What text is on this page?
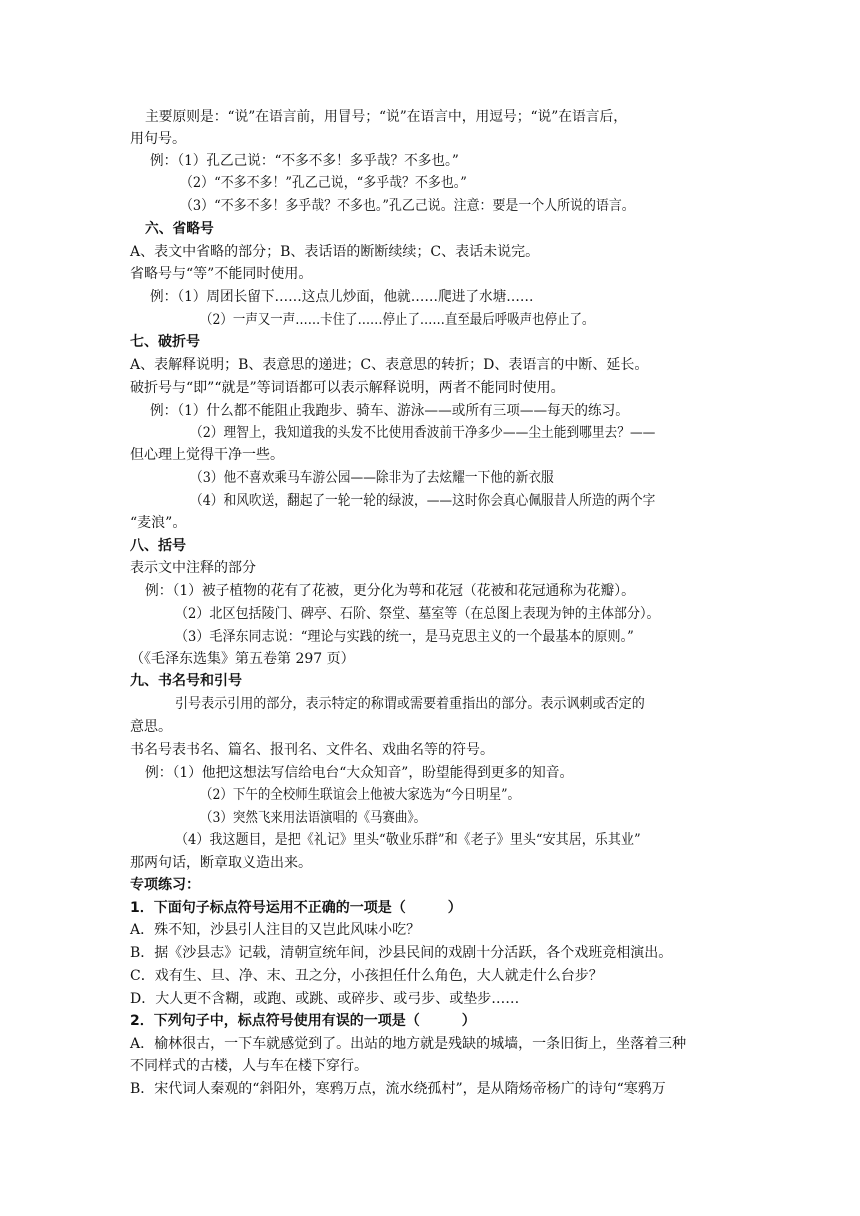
主要原则是：“说”在语言前，用冒号；“说”在语言中，用逗号；“说”在语言后，
用句号。
例：（1）孔乙己说：“不多不多！多乎哉？不多也。”
（2）“不多不多！”孔乙己说，“多乎哉？不多也。”
（3）“不多不多！多乎哉？不多也。”孔乙己说。注意：要是一个人所说的语言。
六、省略号
A、表文中省略的部分；B、表话语的断断续续；C、表话未说完。
省略号与“等”不能同时使用。
例：（1）周团长留下……这点儿炒面，他就……爬进了水塘……
（2）一声又一声……卡住了……停止了……直至最后呼吸声也停止了。
七、破折号
A、表解释说明；B、表意思的递进；C、表意思的转折；D、表语言的中断、延长。
破折号与“即”“就是”等词语都可以表示解释说明，两者不能同时使用。
例：（1）什么都不能阻止我跑步、骑车、游泳——或所有三项——每天的练习。
（2）理智上，我知道我的头发不比使用香波前干净多少——尘土能到哪里去？——
但心理上觉得干净一些。
（3）他不喜欢乘马车游公园——除非为了去炫耀一下他的新衣服
（4）和风吹送，翻起了一轮一轮的绿波，——这时你会真心佩服昔人所造的两个字
“麦浪”。
八、括号
表示文中注释的部分
例：（1）被子植物的花有了花被，更分化为萼和花冠（花被和花冠通称为花瓣）。
（2）北区包括陵门、碑亭、石阶、祭堂、墓室等（在总图上表现为钟的主体部分）。
（3）毛泽东同志说：“理论与实践的统一，是马克思主义的一个最基本的原则。”
（《毛泽东选集》第五卷第 297 页）
九、书名号和引号
引号表示引用的部分，表示特定的称谓或需要着重指出的部分。表示讽刺或否定的
意思。
书名号表书名、篇名、报刊名、文件名、戏曲名等的符号。
例：（1）他把这想法写信给电台“大众知音”，盼望能得到更多的知音。
（2）下午的全校师生联谊会上他被大家选为“今日明星”。
（3）突然飞来用法语演唱的《马赛曲》。
（4）我这题目，是把《礼记》里头“敬业乐群”和《老子》里头“安其居，乐其业”
那两句话，断章取义造出来。
专项练习：
1．下面句子标点符号运用不正确的一项是（　　　）
A．殊不知，沙县引人注目的又岂此风味小吃？
B．据《沙县志》记载，清朝宣统年间，沙县民间的戏剧十分活跃，各个戏班竞相演出。
C．戏有生、旦、净、末、丑之分，小孩担任什么角色，大人就走什么台步？
D．大人更不含糊，或跑、或跳、或碎步、或弓步、或垫步……
2．下列句子中，标点符号使用有误的一项是（　　　）
A．榆林很古，一下车就感觉到了。出站的地方就是残缺的城墙，一条旧街上，坐落着三种
不同样式的古楼，人与车在楼下穿行。
B．宋代词人秦观的“斜阳外，寒鸦万点，流水绕孤村”，是从隋炀帝杨广的诗句“寒鸦万
